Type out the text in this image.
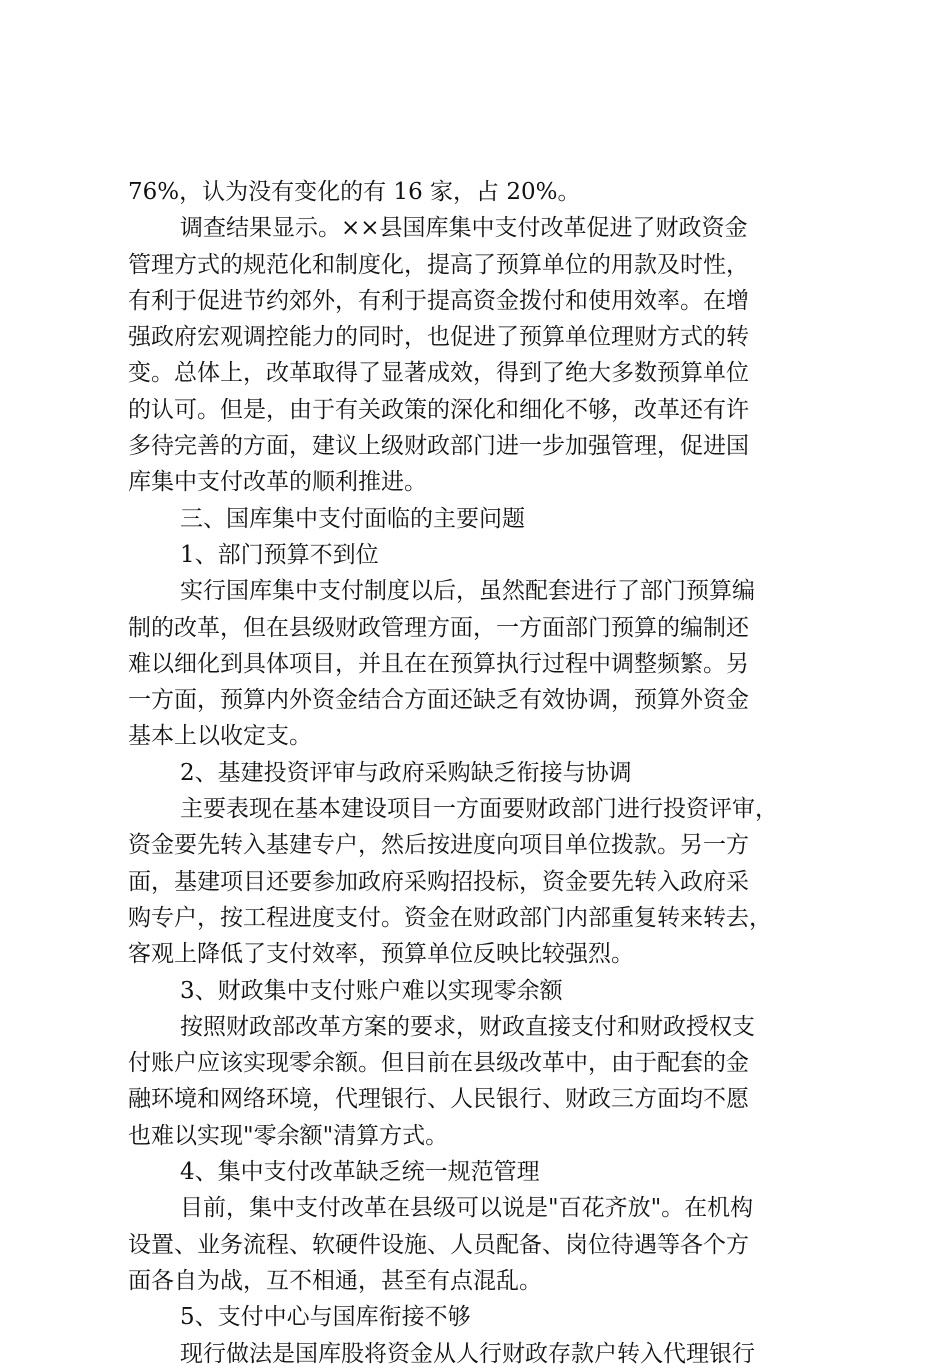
76%，认为没有变化的有 16 家，占 20%。
调查结果显示。××县国库集中支付改革促进了财政资金
管理方式的规范化和制度化，提高了预算单位的用款及时性，
有利于促进节约郊外，有利于提高资金拨付和使用效率。在增
强政府宏观调控能力的同时，也促进了预算单位理财方式的转
变。总体上，改革取得了显著成效，得到了绝大多数预算单位
的认可。但是，由于有关政策的深化和细化不够，改革还有许
多待完善的方面，建议上级财政部门进一步加强管理，促进国
库集中支付改革的顺利推进。
三、国库集中支付面临的主要问题
1、部门预算不到位
实行国库集中支付制度以后，虽然配套进行了部门预算编
制的改革，但在县级财政管理方面，一方面部门预算的编制还
难以细化到具体项目，并且在在预算执行过程中调整频繁。另
一方面，预算内外资金结合方面还缺乏有效协调，预算外资金
基本上以收定支。
2、基建投资评审与政府采购缺乏衔接与协调
主要表现在基本建设项目一方面要财政部门进行投资评审，
资金要先转入基建专户，然后按进度向项目单位拨款。另一方
面，基建项目还要参加政府采购招投标，资金要先转入政府采
购专户，按工程进度支付。资金在财政部门内部重复转来转去，
客观上降低了支付效率，预算单位反映比较强烈。
3、财政集中支付账户难以实现零余额
按照财政部改革方案的要求，财政直接支付和财政授权支
付账户应该实现零余额。但目前在县级改革中，由于配套的金
融环境和网络环境，代理银行、人民银行、财政三方面均不愿
也难以实现"零余额"清算方式。
4、集中支付改革缺乏统一规范管理
目前，集中支付改革在县级可以说是"百花齐放"。在机构
设置、业务流程、软硬件设施、人员配备、岗位待遇等各个方
面各自为战，互不相通，甚至有点混乱。
5、支付中心与国库衔接不够
现行做法是国库股将资金从人行财政存款户转入代理银行
